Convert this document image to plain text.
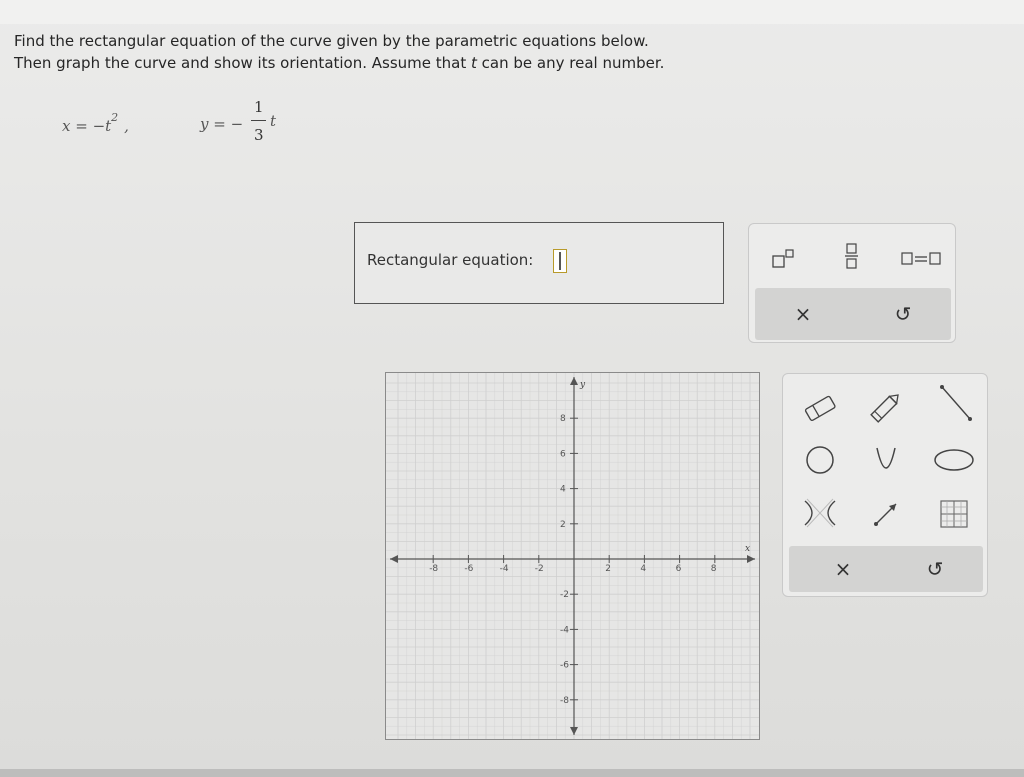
Find the rectangular equation of the curve given by the parametric equations below.

Then graph the curve and show its orientation. Assume that t can be any real number.

$x = -t^2$ ,	y = −
1
3
t
Rectangular equation:
×	↺
x
y
-8	-6	-4	-2	2	4	6	8
8
6
4
2
-2
-4
-6
-8
×	↺
